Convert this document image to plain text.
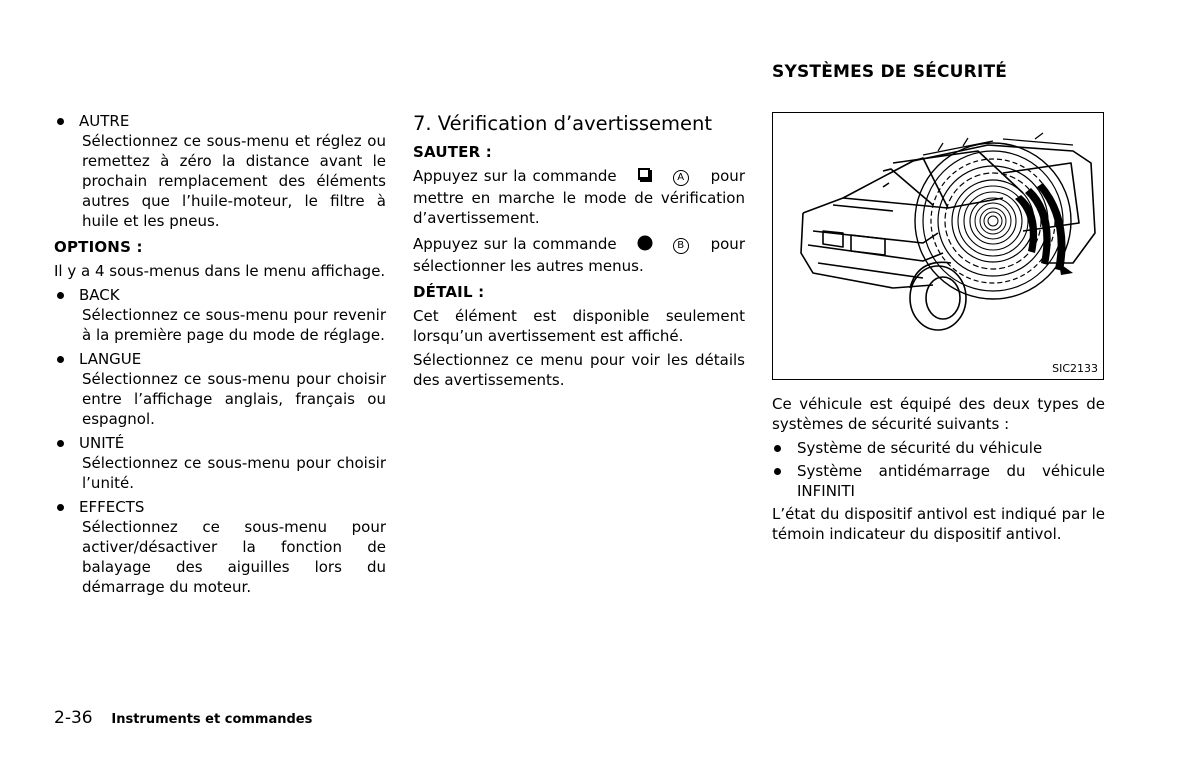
AUTRE
Sélectionnez ce sous-menu et réglez ou remettez à zéro la distance avant le prochain remplacement des éléments autres que l’huile-moteur, le filtre à huile et les pneus.
OPTIONS :

Il y a 4 sous-menus dans le menu affichage.

BACK
Sélectionnez ce sous-menu pour revenir à la première page du mode de réglage.
LANGUE
Sélectionnez ce sous-menu pour choisir entre l’affichage anglais, français ou espagnol.
UNITÉ
Sélectionnez ce sous-menu pour choisir l’unité.
EFFECTS
Sélectionnez ce sous-menu pour activer/désactiver la fonction de balayage des aiguilles lors du démarrage du moteur.
7. Vérification d’avertissement
SAUTER :

Appuyez sur la commande	A pour mettre en marche le mode de vérification d’avertissement.

Appuyez sur la commande	B pour sélectionner les autres menus.

DÉTAIL :

Cet élément est disponible seulement lorsqu’un avertissement est affiché.

Sélectionnez ce menu pour voir les détails des avertissements.

SYSTÈMES DE SÉCURITÉ
SIC2133

Ce véhicule est équipé des deux types de systèmes de sécurité suivants :

Système de sécurité du véhicule
Système antidémarrage du véhicule INFINITI

L’état du dispositif antivol est indiqué par le témoin indicateur du dispositif antivol.

2-36 Instruments et commandes
